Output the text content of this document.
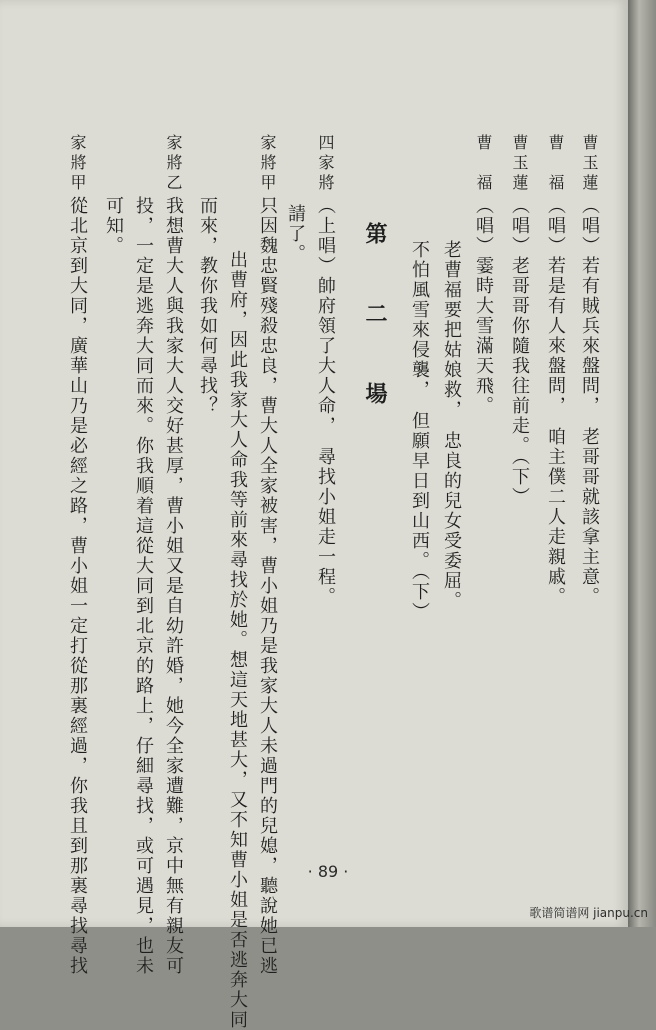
曹玉蓮
（唱）若有賊兵來盤問，　老哥哥就該拿主意。
曹　福
（唱）若是有人來盤問，　咱主僕二人走親戚。
曹玉蓮
（唱）老哥哥你隨我往前走。（下）
曹　福
（唱）霎時大雪滿天飛。
老曹福要把姑娘救，　忠良的兒女受委屈。
不怕風雪來侵襲，　但願早日到山西。（下）
第　二　場
四家將
（上唱）帥府領了大人命，　尋找小姐走一程。
請了。
家將甲
只因魏忠賢殘殺忠良，曹大人全家被害，曹小姐乃是我家大人未過門的兒媳，聽說她已逃
出曹府，因此我家大人命我等前來尋找於她。想這天地甚大，又不知曹小姐是否逃奔大同
而來，教你我如何尋找？
家將乙
我想曹大人與我家大人交好甚厚，曹小姐又是自幼許婚，她今全家遭難，京中無有親友可
投，一定是逃奔大同而來。你我順着這從大同到北京的路上，仔細尋找，或可遇見，也未
可知。
家將甲
從北京到大同，廣華山乃是必經之路，曹小姐一定打從那裏經過，你我且到那裏尋找尋找	· 89 ·
歌谱简谱网 jianpu.cn
